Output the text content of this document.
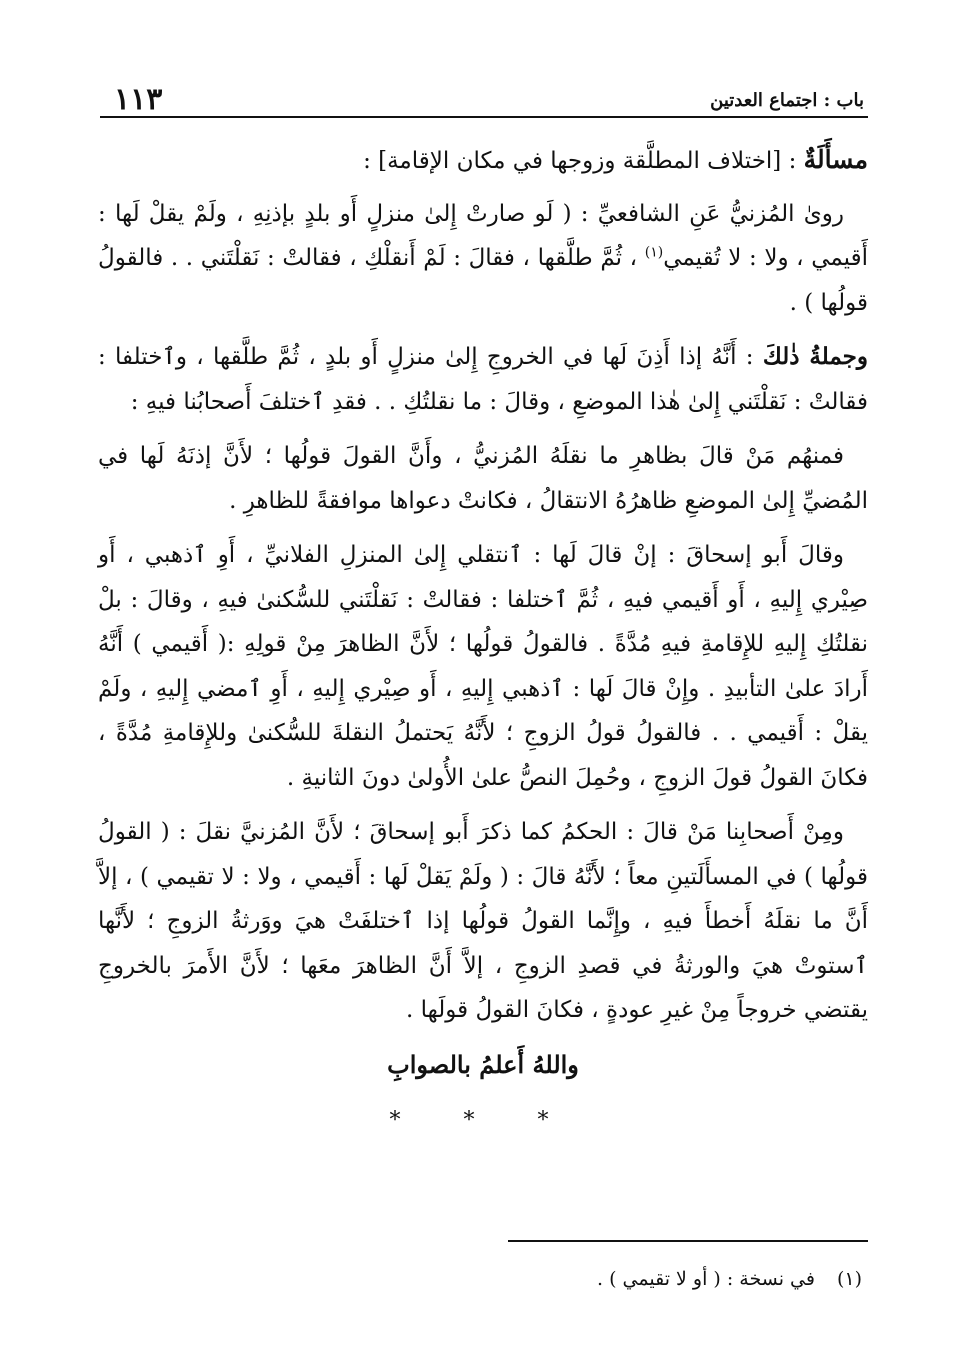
باب : اجتماع العدتين
١١٣

مسأَلَةٌ : [اختلاف المطلَّقة وزوجها في مكان الإقامة] :

رویٰ المُزنيُّ عَنِ الشافعيِّ : ( لَو صارتْ إِلیٰ منزلٍ أَو بلدٍ بإذنِهِ ، ولَمْ يقلْ لَها : أَقيمي ، ولا : لا تُقيمي$^{(١)}$ ، ثُمَّ طلَّقها ، فقالَ : لَمْ أَنقلْكِ ، فقالتْ : نَقلْتَني . . فالقولُ قولُها ) .

وجملةُ ذٰلكَ : أَنَّهُ إذا أَذِنَ لَها في الخروجِ إِلیٰ منزلٍ أَو بلدٍ ، ثُمَّ طلَّقها ، وٱختلفا : فقالتْ : نَقلْتَني إِلیٰ هٰذا الموضعِ ، وقالَ : ما نقلتُكِ . . فقدِ ٱختلفَ أَصحابُنا فيهِ :

فمنهُم مَنْ قالَ بظاهرِ ما نقلَهُ المُزنيُّ ، وأَنَّ القولَ قولُها ؛ لأَنَّ إذنَهُ لَها في المُضيِّ إِلیٰ الموضعِ ظاهرُهُ الانتقالُ ، فكانتْ دعواها موافقةً للظاهرِ .

وقالَ أَبو إسحاقَ : إنْ قالَ لَها : ٱنتقلي إِلیٰ المنزلِ الفلانيِّ ، أَوِ ٱذهبي ، أَو صِيْري إِليهِ ، أَو أَقيمي فيهِ ، ثُمَّ ٱختلفا : فقالتْ : نَقلْتَني للسُّكنیٰ فيهِ ، وقالَ : بلْ نقلتُكِ إِليهِ للإِقامةِ فيهِ مُدَّةً . فالقولُ قولُها ؛ لأَنَّ الظاهرَ مِنْ قولِهِ :( أَقيمي ) أَنَّهُ أَرادَ علیٰ التأبيدِ . وإِنْ قالَ لَها : ٱذهبي إِليهِ ، أَو صِيْري إِليهِ ، أَوِ ٱمضي إِليهِ ، ولَمْ يقلْ : أَقيمي . . فالقولُ قولُ الزوجِ ؛ لأَنَّهُ يَحتملُ النقلةَ للسُّكنیٰ وللإِقامةِ مُدَّةً ، فكانَ القولُ قولَ الزوجِ ، وحُمِلَ النصُّ علیٰ الأُولیٰ دونَ الثانيةِ .

ومِنْ أَصحابِنا مَنْ قالَ : الحكمُ كما ذكرَ أَبو إسحاقَ ؛ لأَنَّ المُزنيَّ نقلَ : ( القولُ قولُها ) في المسأَلَتينِ معاً ؛ لأَنَّهُ قالَ : ( ولَمْ يَقلْ لَها : أَقيمي ، ولا : لا تقيمي ) ، إلاَّ أَنَّ ما نقلَهُ أَخطأَ فيهِ ، وإِنَّما القولُ قولُها إذا ٱختلفَتْ هيَ ووَرثةُ الزوجِ ؛ لأَنَّها ٱستوتْ هيَ والورثةُ في قصدِ الزوجِ ، إلاَّ أَنَّ الظاهرَ معَها ؛ لأَنَّ الأَمرَ بالخروجِ يقتضي خروجاً مِنْ غيرِ عودةٍ ، فكانَ القولُ قولَها .

واللهُ أَعلمُ بالصوابِ

* * *

(١)في نسخة : ( أو لا تقيمي ) .
